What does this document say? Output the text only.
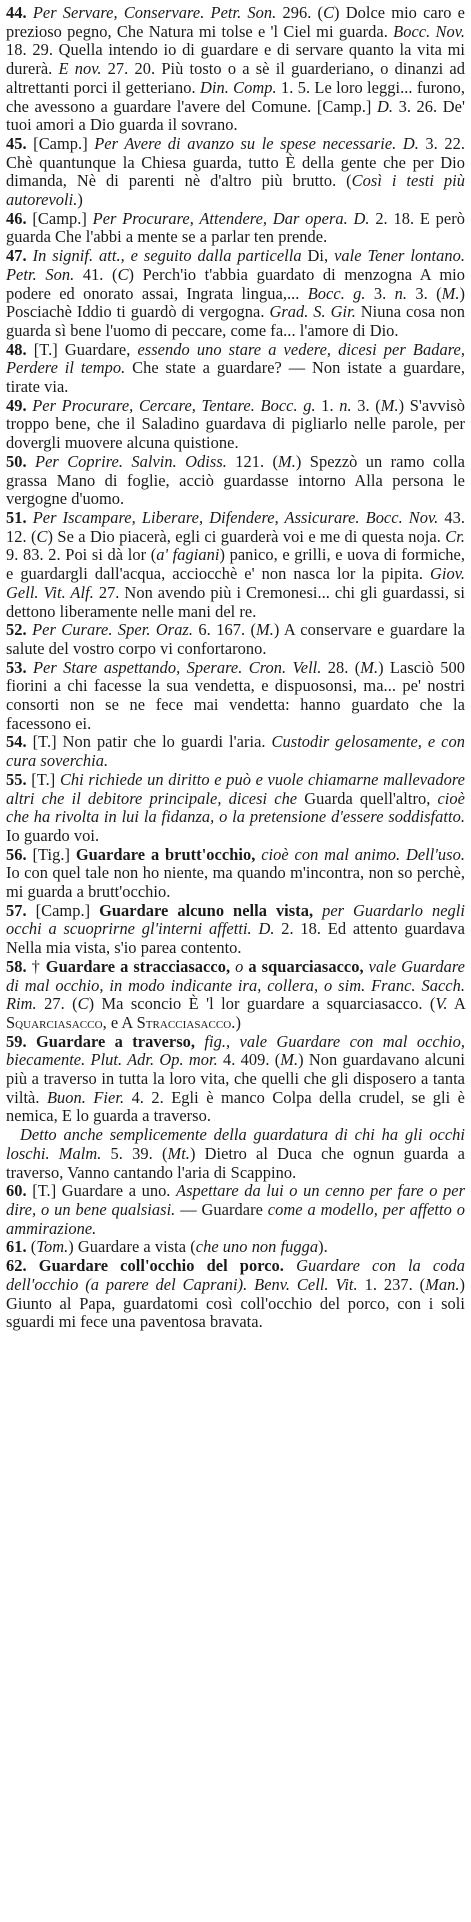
44. Per Servare, Conservare. Petr. Son. 296. (C) Dolce mio caro e prezioso pegno, Che Natura mi tolse e 'l Ciel mi guarda. Bocc. Nov. 18. 29. Quella intendo io di guardare e di servare quanto la vita mi durerà. E nov. 27. 20. Più tosto o a sè il guarderiano, o dinanzi ad altrettanti porci il getteriano. Din. Comp. 1. 5. Le loro leggi... furono, che avessono a guardare l'avere del Comune. [Camp.] D. 3. 26. De' tuoi amori a Dio guarda il sovrano.

45. [Camp.] Per Avere di avanzo su le spese necessarie. D. 3. 22. Chè quantunque la Chiesa guarda, tutto È della gente che per Dio dimanda, Nè di parenti nè d'altro più brutto. (Così i testi più autorevoli.)

46. [Camp.] Per Procurare, Attendere, Dar opera. D. 2. 18. E però guarda Che l'abbi a mente se a parlar ten prende.

47. In signif. att., e seguito dalla particella Di, vale Tener lontano. Petr. Son. 41. (C) Perch'io t'abbia guardato di menzogna A mio podere ed onorato assai, Ingrata lingua,... Bocc. g. 3. n. 3. (M.) Posciachè Iddio ti guardò di vergogna. Grad. S. Gir. Niuna cosa non guarda sì bene l'uomo di peccare, come fa... l'amore di Dio.

48. [T.] Guardare, essendo uno stare a vedere, dicesi per Badare, Perdere il tempo. Che state a guardare? — Non istate a guardare, tirate via.

49. Per Procurare, Cercare, Tentare. Bocc. g. 1. n. 3. (M.) S'avvisò troppo bene, che il Saladino guardava di pigliarlo nelle parole, per dovergli muovere alcuna quistione.

50. Per Coprire. Salvin. Odiss. 121. (M.) Spezzò un ramo colla grassa Mano di foglie, acciò guardasse intorno Alla persona le vergogne d'uomo.

51. Per Iscampare, Liberare, Difendere, Assicurare. Bocc. Nov. 43. 12. (C) Se a Dio piacerà, egli ci guarderà voi e me di questa noja. Cr. 9. 83. 2. Poi si dà lor (a' fagiani) panico, e grilli, e uova di formiche, e guardargli dall'acqua, acciocchè e' non nasca lor la pipita. Giov. Gell. Vit. Alf. 27. Non avendo più i Cremonesi... chi gli guardassi, si dettono liberamente nelle mani del re.

52. Per Curare. Sper. Oraz. 6. 167. (M.) A conservare e guardare la salute del vostro corpo vi confortarono.

53. Per Stare aspettando, Sperare. Cron. Vell. 28. (M.) Lasciò 500 fiorini a chi facesse la sua vendetta, e dispuosonsi, ma... pe' nostri consorti non se ne fece mai vendetta: hanno guardato che la facessono ei.

54. [T.] Non patir che lo guardi l'aria. Custodir gelosamente, e con cura soverchia.

55. [T.] Chi richiede un diritto e può e vuole chiamarne mallevadore altri che il debitore principale, dicesi che Guarda quell'altro, cioè che ha rivolta in lui la fidanza, o la pretensione d'essere soddisfatto. Io guardo voi.

56. [Tig.] Guardare a brutt'occhio, cioè con mal animo. Dell'uso. Io con quel tale non ho niente, ma quando m'incontra, non so perchè, mi guarda a brutt'occhio.

57. [Camp.] Guardare alcuno nella vista, per Guardarlo negli occhi a scuoprirne gl'interni affetti. D. 2. 18. Ed attento guardava Nella mia vista, s'io parea contento.

58. † Guardare a stracciasacco, o a squarciasacco, vale Guardare di mal occhio, in modo indicante ira, collera, o sim. Franc. Sacch. Rim. 27. (C) Ma sconcio È 'l lor guardare a squarciasacco. (V. A Squarciasacco, e A Stracciasacco.)

59. Guardare a traverso, fig., vale Guardare con mal occhio, biecamente. Plut. Adr. Op. mor. 4. 409. (M.) Non guardavano alcuni più a traverso in tutta la loro vita, che quelli che gli disposero a tanta viltà. Buon. Fier. 4. 2. Egli è manco Colpa della crudel, se gli è nemica, E lo guarda a traverso.

Detto anche semplicemente della guardatura di chi ha gli occhi loschi. Malm. 5. 39. (Mt.) Dietro al Duca che ognun guarda a traverso, Vanno cantando l'aria di Scappino.

60. [T.] Guardare a uno. Aspettare da lui o un cenno per fare o per dire, o un bene qualsiasi. — Guardare come a modello, per affetto o ammirazione.

61. (Tom.) Guardare a vista (che uno non fugga).

62. Guardare coll'occhio del porco. Guardare con la coda dell'occhio (a parere del Caprani). Benv. Cell. Vit. 1. 237. (Man.) Giunto al Papa, guardatomi così coll'occhio del porco, con i soli sguardi mi fece una paventosa bravata.
